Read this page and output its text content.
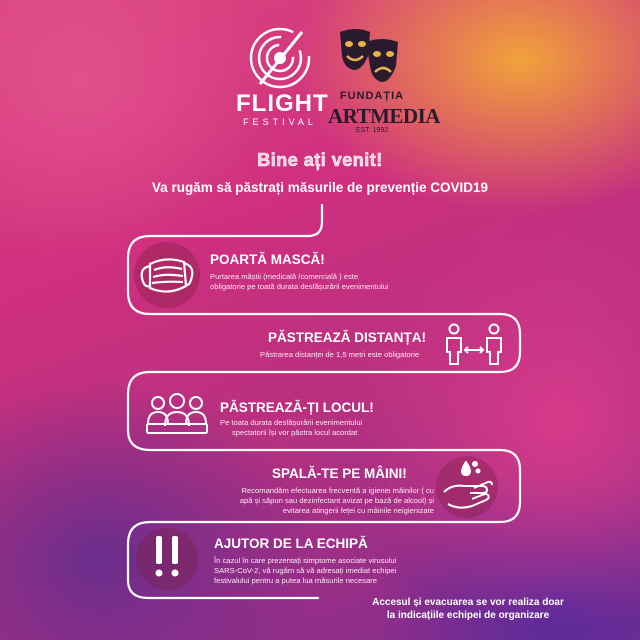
FLIGHT
FESTIVAL
FUNDAȚIA
ARTMEDIA
EST. 1992
Bine ați venit!
Va rugăm să păstrați măsurile de prevenție COVID19
POARTĂ MASCĂ!
Purtarea măștii (medicală /comercială ) este
obligatorie pe toată durata desfășurării evenimentului
PĂSTREAZĂ DISTANȚA!
Păstrarea distanței de 1,5 metri este obligatorie
PĂSTREAZĂ-ȚI LOCUL!
Pe toata durata desfășurării evenimentului
spectatorii își vor păstra locul acordat
SPALĂ-TE PE MÂINI!
Recomandăm efectuarea frecventă a igienei mâinilor ( cu
apă și săpun sau dezinfectant avizat pe bază de alcool) și
evitarea atingerii feței cu mâinile neigienizate
AJUTOR DE LA ECHIPĂ
În cazul în care prezentați simptome asociate virusului
SARS-CoV-2, vă rugăm să vă adresați imediat echipei
festivalului pentru a putea lua măsurile necesare
Accesul și evacuarea se vor realiza doar
la indicațiile echipei de organizare
